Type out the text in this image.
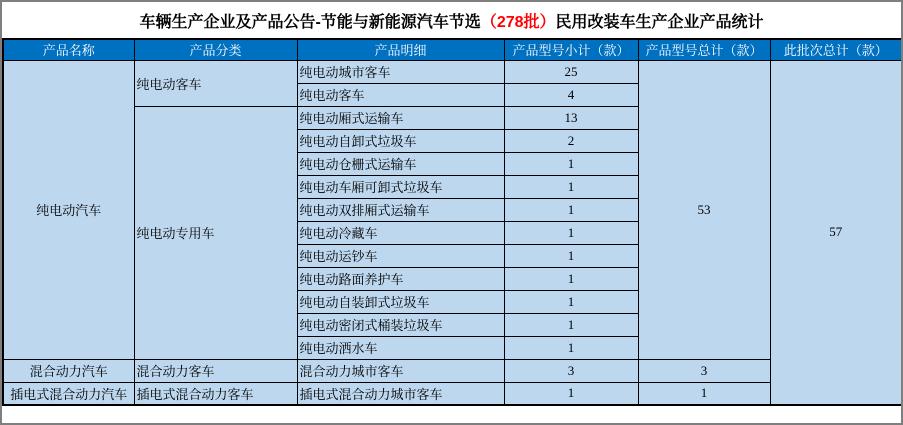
车辆生产企业及产品公告-节能与新能源汽车节选 （278批） 民用改装车生产企业产品统计
产品名称	产品分类	产品明细	产品型号小计（款）	产品型号总计（款）	此批次总计（款）
纯电动汽车	纯电动客车	纯电动城市客车	25	53	57
		纯电动客车	4		
	纯电动专用车	纯电动厢式运输车	13		
		纯电动自卸式垃圾车	2		
		纯电动仓栅式运输车	1		
		纯电动车厢可卸式垃圾车	1		
		纯电动双排厢式运输车	1		
		纯电动冷藏车	1		
		纯电动运钞车	1		
		纯电动路面养护车	1		
		纯电动自装卸式垃圾车	1		
		纯电动密闭式桶装垃圾车	1		
		纯电动洒水车	1		
混合动力汽车	混合动力客车	混合动力城市客车	3	3	
插电式混合动力汽车	插电式混合动力客车	插电式混合动力城市客车	1	1	
